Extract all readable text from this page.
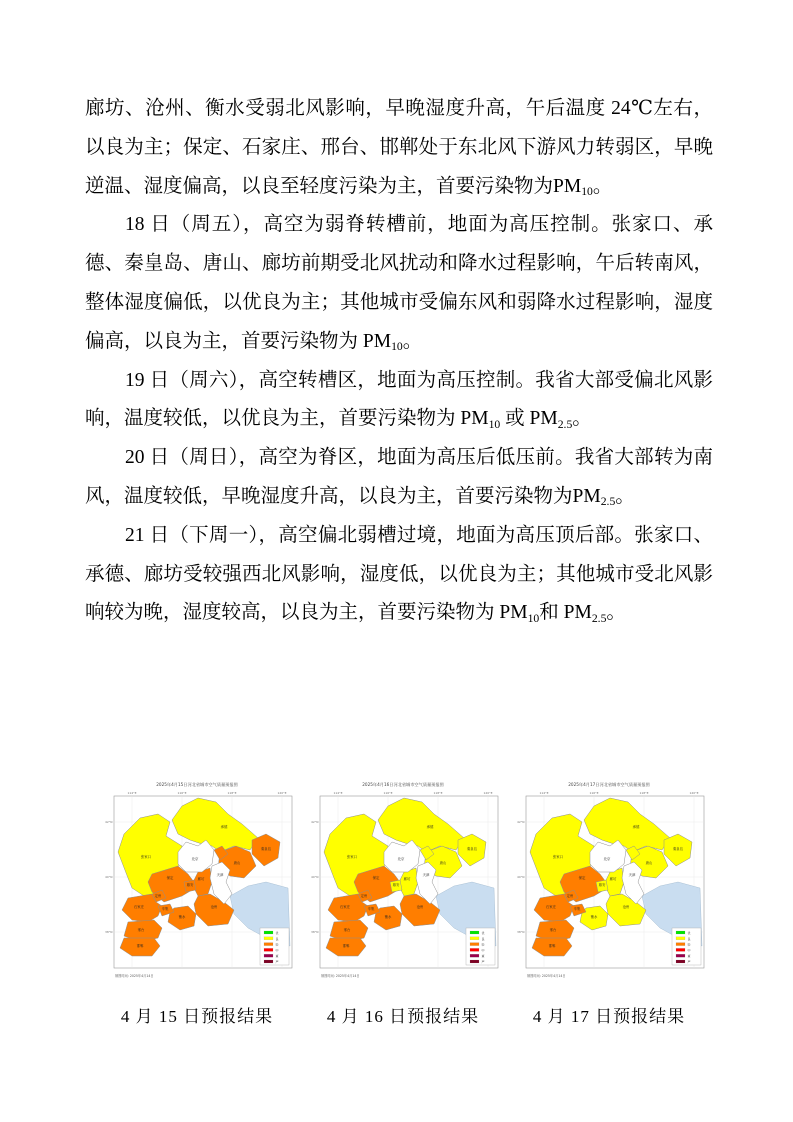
廊坊、沧州、衡水受弱北风影响，早晚湿度升高，午后温度 24℃左右，以良为主；保定、石家庄、邢台、邯郸处于东北风下游风力转弱区，早晚逆温、湿度偏高，以良至轻度污染为主，首要污染物为$PM_{10}$。

18 日（周五），高空为弱脊转槽前，地面为高压控制。张家口、承德、秦皇岛、唐山、廊坊前期受北风扰动和降水过程影响，午后转南风，整体湿度偏低，以优良为主；其他城市受偏东风和弱降水过程影响，湿度偏高，以良为主，首要污染物为 $PM_{10}$。

19 日（周六），高空转槽区，地面为高压控制。我省大部受偏北风影响，温度较低，以优良为主，首要污染物为 $PM_{10}$ 或 $PM_{2.5}$。

20 日（周日），高空为脊区，地面为高压后低压前。我省大部转为南风，温度较低，早晚湿度升高，以良为主，首要污染物为$PM_{2.5}$。

21 日（下周一），高空偏北弱槽过境，地面为高压顶后部。张家口、承德、廊坊受较强西北风影响，湿度低，以优良为主；其他城市受北风影响较为晚，湿度较高，以良为主，首要污染物为 $PM_{10}$和 $PM_{2.5}$。

2025年4月15日河北省城市空气质量预报图
114°E	116°E	118°E	120°E
42°N
40°N
38°N
张家口
承德
秦皇岛
唐山
保定
石家庄
邢台
邯郸
衡水
沧州
廊坊
北京
天津
雄安
定州
辛集
优
良
轻
中
重
严
制图时间: 2025年4月14日
4 月 15 日预报结果
2025年4月16日河北省城市空气质量预报图
114°E	116°E	118°E	120°E
42°N
40°N
38°N
张家口
承德
秦皇岛
唐山
保定
石家庄
邢台
邯郸
衡水
沧州
廊坊
北京
天津
雄安
定州
辛集
优
良
轻
中
重
严
制图时间: 2025年4月14日
4 月 16 日预报结果
2025年4月17日河北省城市空气质量预报图
114°E	116°E	118°E	120°E
42°N
40°N
38°N
张家口
承德
秦皇岛
唐山
保定
石家庄
邢台
邯郸
衡水
沧州
廊坊
北京
天津
雄安
定州
辛集
优
良
轻
中
重
严
制图时间: 2025年4月14日
4 月 17 日预报结果
